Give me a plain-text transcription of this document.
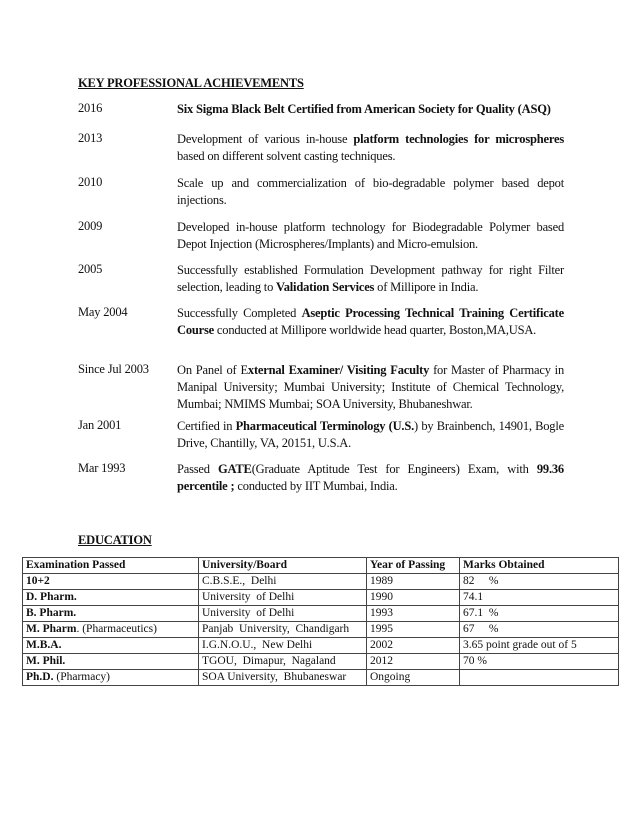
KEY PROFESSIONAL ACHIEVEMENTS
2016	Six Sigma Black Belt Certified from American Society for Quality (ASQ)
2013	Development of various in-house platform technologies for microspheres based on different solvent casting techniques.
2010	Scale up and commercialization of bio-degradable polymer based depot injections.
2009	Developed in-house platform technology for Biodegradable Polymer based Depot Injection (Microspheres/Implants) and Micro-emulsion.
2005	Successfully established Formulation Development pathway for right Filter selection, leading to Validation Services of Millipore in India.
May 2004	Successfully Completed Aseptic Processing Technical Training Certificate Course conducted at Millipore worldwide head quarter, Boston,MA,USA.
Since Jul 2003 On Panel of External Examiner/ Visiting Faculty for Master of Pharmacy in Manipal University; Mumbai University; Institute of Chemical Technology, Mumbai; NMIMS Mumbai; SOA University, Bhubaneshwar.
Jan 2001	Certified in Pharmaceutical Terminology (U.S.) by Brainbench, 14901, Bogle Drive, Chantilly, VA, 20151, U.S.A.
Mar 1993	Passed GATE(Graduate Aptitude Test for Engineers) Exam, with 99.36 percentile ; conducted by IIT Mumbai, India.
EDUCATION
Examination Passed	University/Board	Year of Passing	Marks Obtained
10+2	C.B.S.E.,  Delhi	1989	82     %
D. Pharm.	University  of Delhi	1990	74.1
B. Pharm.	University  of Delhi	1993	67.1  %
M. Pharm. (Pharmaceutics)	Panjab  University,  Chandigarh	1995	67     %
M.B.A.	I.G.N.O.U.,  New Delhi	2002	3.65 point grade out of 5
M. Phil.	TGOU,  Dimapur,  Nagaland	2012	70 %
Ph.D. (Pharmacy)	SOA University,  Bhubaneswar	Ongoing	
